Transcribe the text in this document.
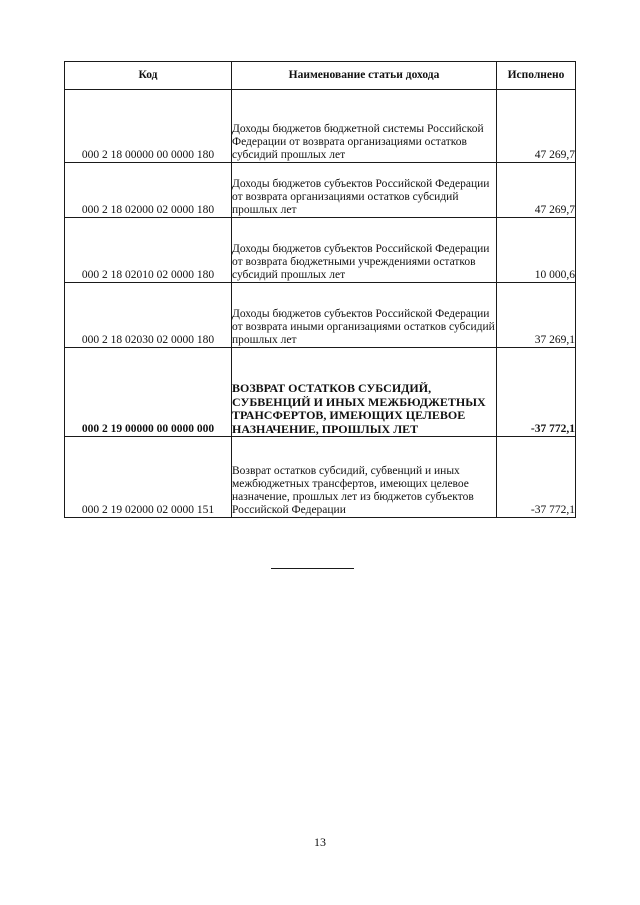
Код	Наименование статьи дохода	Исполнено
000 2 18 00000 00 0000 180	Доходы бюджетов бюджетной системы Российской Федерации от возврата организациями остатков субсидий прошлых лет	47 269,7
000 2 18 02000 02 0000 180	Доходы бюджетов субъектов Российской Федерации от возврата организациями остатков субсидий прошлых лет	47 269,7
000 2 18 02010 02 0000 180	Доходы бюджетов субъектов Российской Федерации от возврата бюджетными учреждениями остатков субсидий прошлых лет	10 000,6
000 2 18 02030 02 0000 180	Доходы бюджетов субъектов Российской Федерации от возврата иными организациями остатков субсидий прошлых лет	37 269,1
000 2 19 00000 00 0000 000	ВОЗВРАТ ОСТАТКОВ СУБСИДИЙ, СУБВЕНЦИЙ И ИНЫХ МЕЖБЮДЖЕТНЫХ ТРАНСФЕРТОВ, ИМЕЮЩИХ ЦЕЛЕВОЕ НАЗНАЧЕНИЕ, ПРОШЛЫХ ЛЕТ	-37 772,1
000 2 19 02000 02 0000 151	Возврат остатков субсидий, субвенций и иных межбюджетных трансфертов, имеющих целевое назначение, прошлых лет из бюджетов субъектов Российской Федерации	-37 772,1
13
